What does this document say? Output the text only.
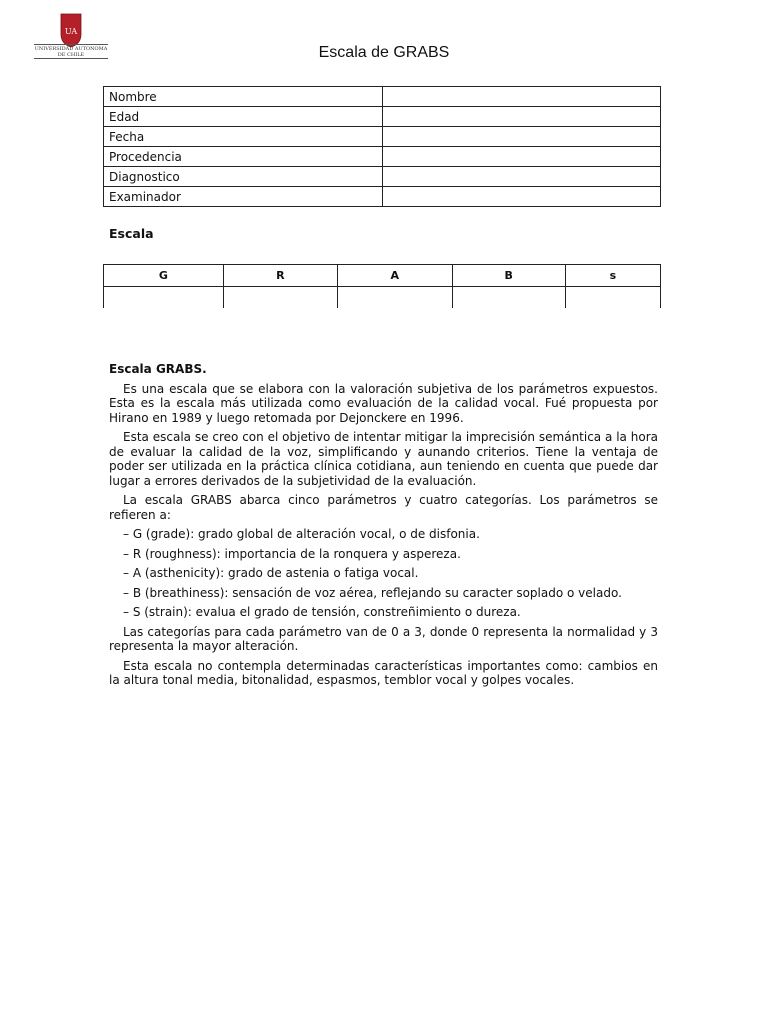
UA
UNIVERSIDAD AUTONOMA
DE CHILE	Escala de GRABS
Nombre	
Edad	
Fecha	
Procedencia	
Diagnostico	
Examinador	
Escala
G	R	A	B	s

Escala GRABS.

Es una escala que se elabora con la valoración subjetiva de los parámetros expuestos. Esta es la escala más utilizada como evaluación de la calidad vocal. Fué propuesta por Hirano en 1989 y luego retomada por Dejonckere en 1996.

Esta escala se creo con el objetivo de intentar mitigar la imprecisión semántica a la hora de evaluar la calidad de la voz, simplificando y aunando criterios. Tiene la ventaja de poder ser utilizada en la práctica clínica cotidiana, aun teniendo en cuenta que puede dar lugar a errores derivados de la subjetividad de la evaluación.

La escala GRABS abarca cinco parámetros y cuatro categorías. Los parámetros se refieren a:

– G (grade): grado global de alteración vocal, o de disfonia.

– R (roughness): importancia de la ronquera y aspereza.

– A (asthenicity): grado de astenia o fatiga vocal.

– B (breathiness): sensación de voz aérea, reflejando su caracter soplado o velado.

– S (strain): evalua el grado de tensión, constreñimiento o dureza.

Las categorías para cada parámetro van de 0 a 3, donde 0 representa la normalidad y 3 representa la mayor alteración.

Esta escala no contempla determinadas características importantes como: cambios en la altura tonal media, bitonalidad, espasmos, temblor vocal y golpes vocales.
